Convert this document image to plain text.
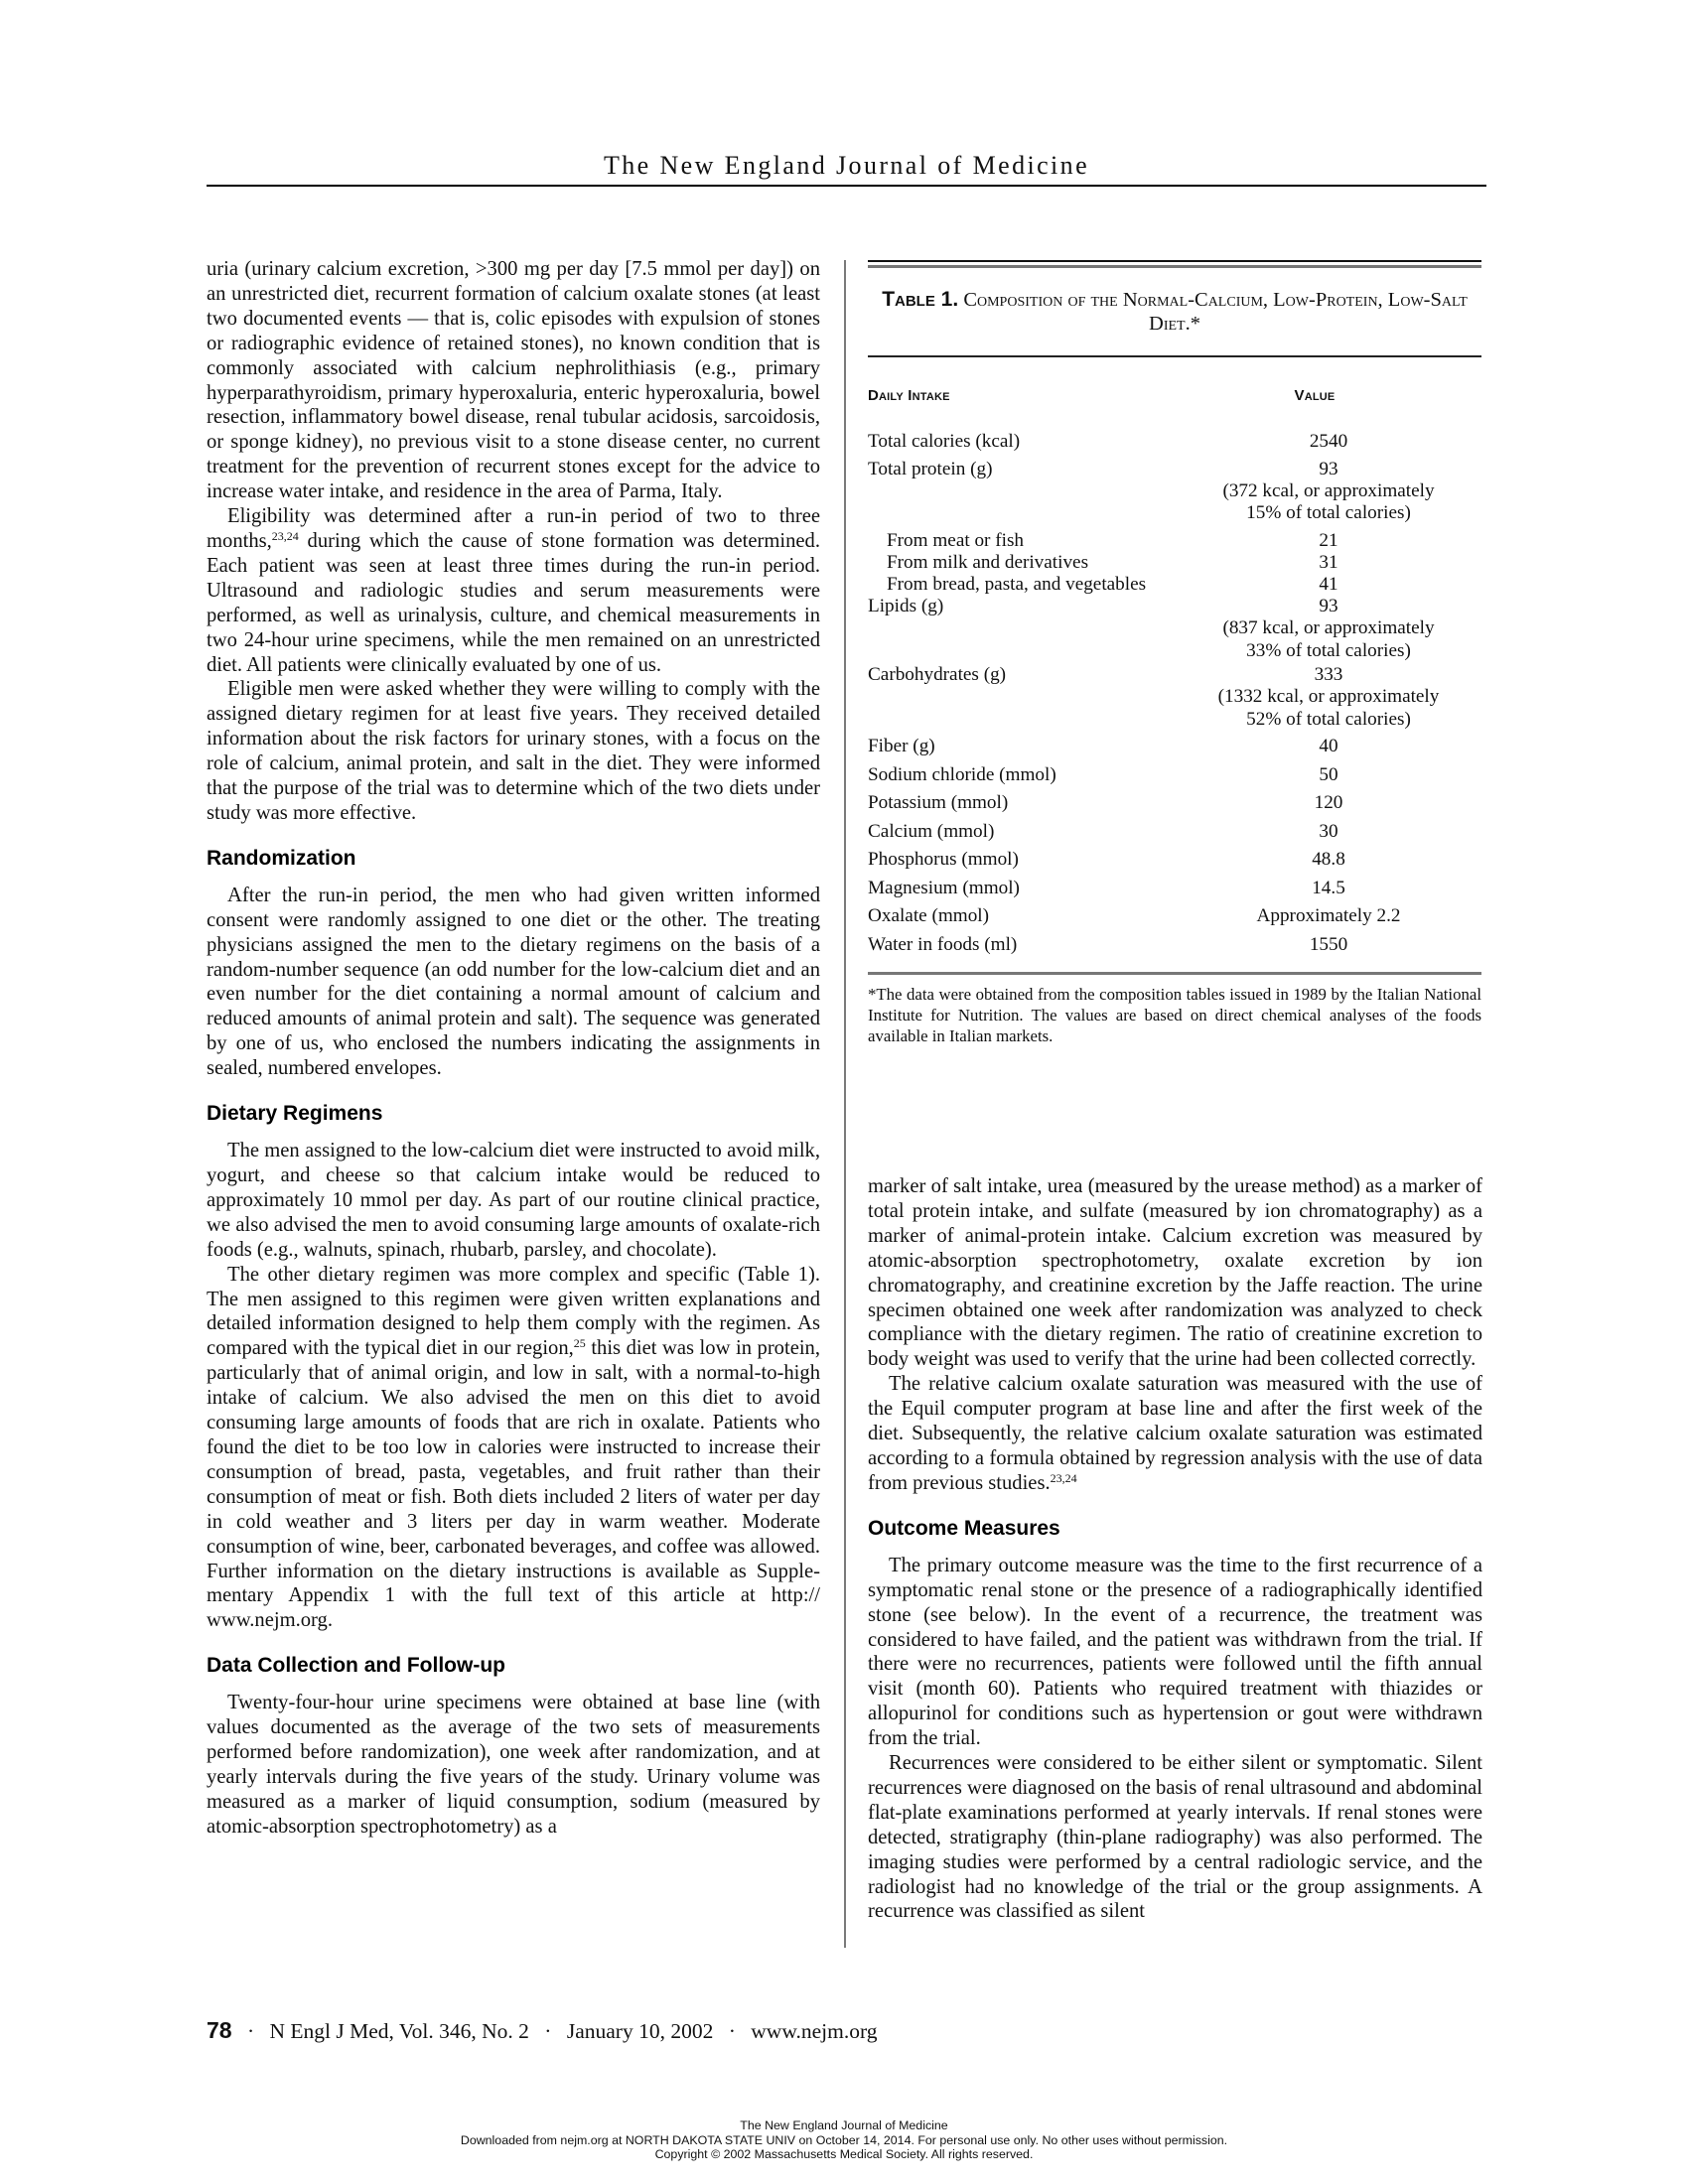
The New England Journal of Medicine

uria (urinary calcium excretion, >300 mg per day [7.5 mmol per day]) on an unrestricted diet, recurrent formation of calcium oxalate stones (at least two documented events — that is, colic episodes with expulsion of stones or radiographic evidence of retained stones), no known condition that is commonly associated with calcium nephrolithiasis (e.g., primary hyperparathyroidism, primary hyperoxaluria, enteric hyperoxaluria, bowel resection, inflammatory bowel disease, renal tubular acidosis, sarcoidosis, or sponge kidney), no previous visit to a stone disease center, no current treatment for the prevention of recurrent stones except for the advice to increase water intake, and residence in the area of Parma, Italy.

Eligibility was determined after a run-in period of two to three months,$^{23,24}$ during which the cause of stone formation was determined. Each patient was seen at least three times during the run-in period. Ultrasound and radiologic studies and serum measurements were performed, as well as urinalysis, culture, and chemical measurements in two 24-hour urine specimens, while the men remained on an unrestricted diet. All patients were clinically evaluated by one of us.

Eligible men were asked whether they were willing to comply with the assigned dietary regimen for at least five years. They received detailed information about the risk factors for urinary stones, with a focus on the role of calcium, animal protein, and salt in the diet. They were informed that the purpose of the trial was to determine which of the two diets under study was more effective.

Randomization

After the run-in period, the men who had given written informed consent were randomly assigned to one diet or the other. The treating physicians assigned the men to the dietary regimens on the basis of a random-number sequence (an odd number for the low-calcium diet and an even number for the diet containing a normal amount of calcium and reduced amounts of animal protein and salt). The sequence was generated by one of us, who enclosed the numbers indicating the assignments in sealed, numbered envelopes.

Dietary Regimens

The men assigned to the low-calcium diet were instructed to avoid milk, yogurt, and cheese so that calcium intake would be reduced to approximately 10 mmol per day. As part of our routine clinical practice, we also advised the men to avoid consuming large amounts of oxalate-rich foods (e.g., walnuts, spinach, rhubarb, parsley, and chocolate).

The other dietary regimen was more complex and specific (Table 1). The men assigned to this regimen were given written explanations and detailed information designed to help them comply with the regimen. As compared with the typical diet in our region,$^{25}$ this diet was low in protein, particularly that of animal origin, and low in salt, with a normal-to-high intake of calcium. We also advised the men on this diet to avoid consuming large amounts of foods that are rich in oxalate. Patients who found the diet to be too low in calories were instructed to increase their consumption of bread, pasta, vegetables, and fruit rather than their consumption of meat or fish. Both diets included 2 liters of water per day in cold weather and 3 liters per day in warm weather. Moderate consumption of wine, beer, carbonated beverages, and coffee was allowed. Further information on the dietary instructions is available as Supplementary Appendix 1 with the full text of this article at http:// www.nejm.org.

Data Collection and Follow-up

Twenty-four-hour urine specimens were obtained at base line (with values documented as the average of the two sets of measurements performed before randomization), one week after randomization, and at yearly intervals during the five years of the study. Urinary volume was measured as a marker of liquid consumption, sodium (measured by atomic-absorption spectrophotometry) as a

Table 1. Composition of the Normal-Calcium, Low-Protein, Low-Salt Diet.*
Daily Intake	Value
Total calories (kcal)	2540
Total protein (g)	93
(372 kcal, or approximately 15% of total calories)
From meat or fish	21
From milk and derivatives	31
From bread, pasta, and vegetables	41
Lipids (g)	93
(837 kcal, or approximately 33% of total calories)
Carbohydrates (g)	333
(1332 kcal, or approximately 52% of total calories)
Fiber (g)	40
Sodium chloride (mmol)	50
Potassium (mmol)	120
Calcium (mmol)	30
Phosphorus (mmol)	48.8
Magnesium (mmol)	14.5
Oxalate (mmol)	Approximately 2.2
Water in foods (ml)	1550
*The data were obtained from the composition tables issued in 1989 by the Italian National Institute for Nutrition. The values are based on direct chemical analyses of the foods available in Italian markets.

marker of salt intake, urea (measured by the urease method) as a marker of total protein intake, and sulfate (measured by ion chromatography) as a marker of animal-protein intake. Calcium excretion was measured by atomic-absorption spectrophotometry, oxalate excretion by ion chromatography, and creatinine excretion by the Jaffe reaction. The urine specimen obtained one week after randomization was analyzed to check compliance with the dietary regimen. The ratio of creatinine excretion to body weight was used to verify that the urine had been collected correctly.

The relative calcium oxalate saturation was measured with the use of the Equil computer program at base line and after the first week of the diet. Subsequently, the relative calcium oxalate saturation was estimated according to a formula obtained by regression analysis with the use of data from previous studies.$^{23,24}$

Outcome Measures

The primary outcome measure was the time to the first recurrence of a symptomatic renal stone or the presence of a radiographically identified stone (see below). In the event of a recurrence, the treatment was considered to have failed, and the patient was withdrawn from the trial. If there were no recurrences, patients were followed until the fifth annual visit (month 60). Patients who required treatment with thiazides or allopurinol for conditions such as hypertension or gout were withdrawn from the trial.

Recurrences were considered to be either silent or symptomatic. Silent recurrences were diagnosed on the basis of renal ultrasound and abdominal flat-plate examinations performed at yearly intervals. If renal stones were detected, stratigraphy (thin-plane radiography) was also performed. The imaging studies were performed by a central radiologic service, and the radiologist had no knowledge of the trial or the group assignments. A recurrence was classified as silent

78 · N Engl J Med, Vol. 346, No. 2 · January 10, 2002 · www.nejm.org
The New England Journal of Medicine
Downloaded from nejm.org at NORTH DAKOTA STATE UNIV on October 14, 2014. For personal use only. No other uses without permission.
Copyright © 2002 Massachusetts Medical Society. All rights reserved.
